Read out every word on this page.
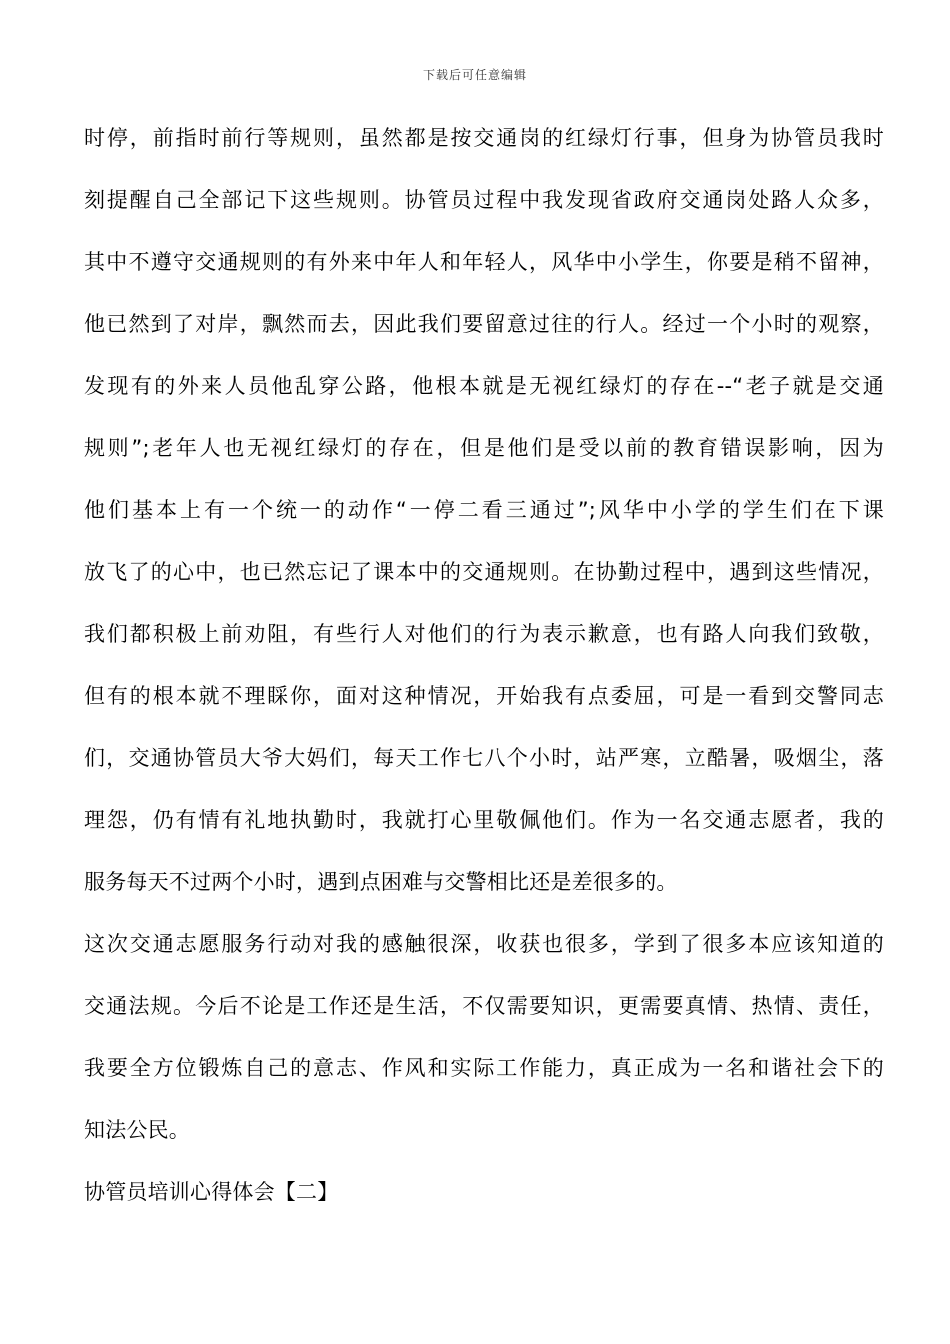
下载后可任意编辑
时停，前指时前行等规则，虽然都是按交通岗的红绿灯行事，但身为协管员我时
刻提醒自己全部记下这些规则。协管员过程中我发现省政府交通岗处路人众多，
其中不遵守交通规则的有外来中年人和年轻人，风华中小学生，你要是稍不留神，
他已然到了对岸，飘然而去，因此我们要留意过往的行人。经过一个小时的观察，
发现有的外来人员他乱穿公路，他根本就是无视红绿灯的存在--“老子就是交通
规则”;老年人也无视红绿灯的存在，但是他们是受以前的教育错误影响，因为
他们基本上有一个统一的动作“一停二看三通过”;风华中小学的学生们在下课
放飞了的心中，也已然忘记了课本中的交通规则。在协勤过程中，遇到这些情况，
我们都积极上前劝阻，有些行人对他们的行为表示歉意，也有路人向我们致敬，
但有的根本就不理睬你，面对这种情况，开始我有点委屈，可是一看到交警同志
们，交通协管员大爷大妈们，每天工作七八个小时，站严寒，立酷暑，吸烟尘，落
理怨，仍有情有礼地执勤时，我就打心里敬佩他们。作为一名交通志愿者，我的
服务每天不过两个小时，遇到点困难与交警相比还是差很多的。
这次交通志愿服务行动对我的感触很深，收获也很多，学到了很多本应该知道的
交通法规。今后不论是工作还是生活，不仅需要知识，更需要真情、热情、责任，
我要全方位锻炼自己的意志、作风和实际工作能力，真正成为一名和谐社会下的
知法公民。
协管员培训心得体会【二】
